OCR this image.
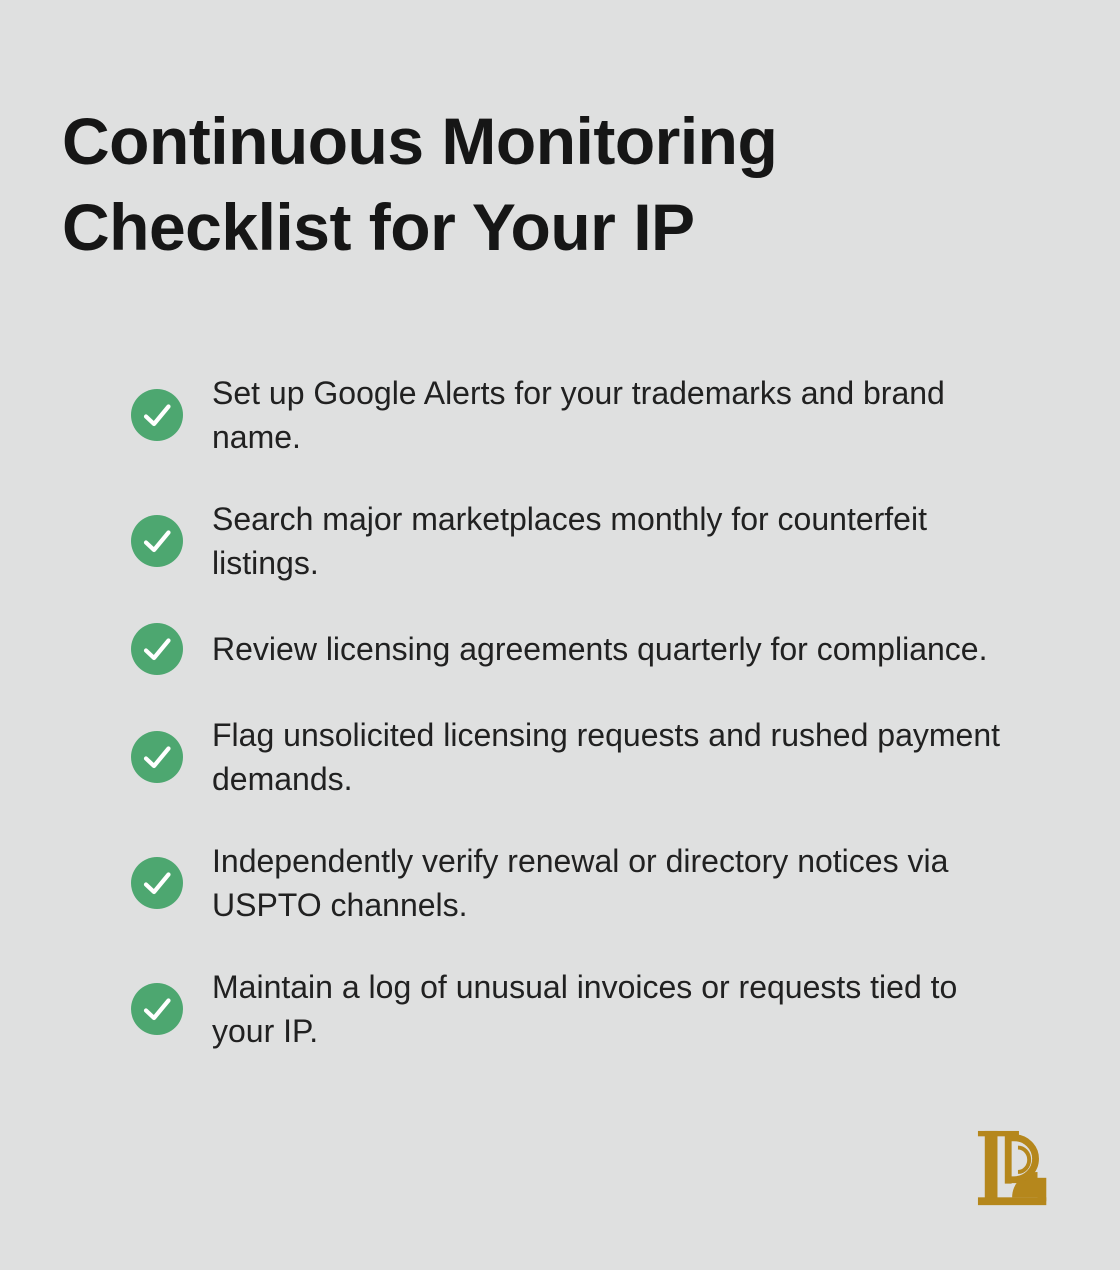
Continuous Monitoring Checklist for Your IP
Set up Google Alerts for your trademarks and brand name.
Search major marketplaces monthly for counterfeit listings.
Review licensing agreements quarterly for compliance.
Flag unsolicited licensing requests and rushed payment demands.
Independently verify renewal or directory notices via USPTO channels.
Maintain a log of unusual invoices or requests tied to your IP.
